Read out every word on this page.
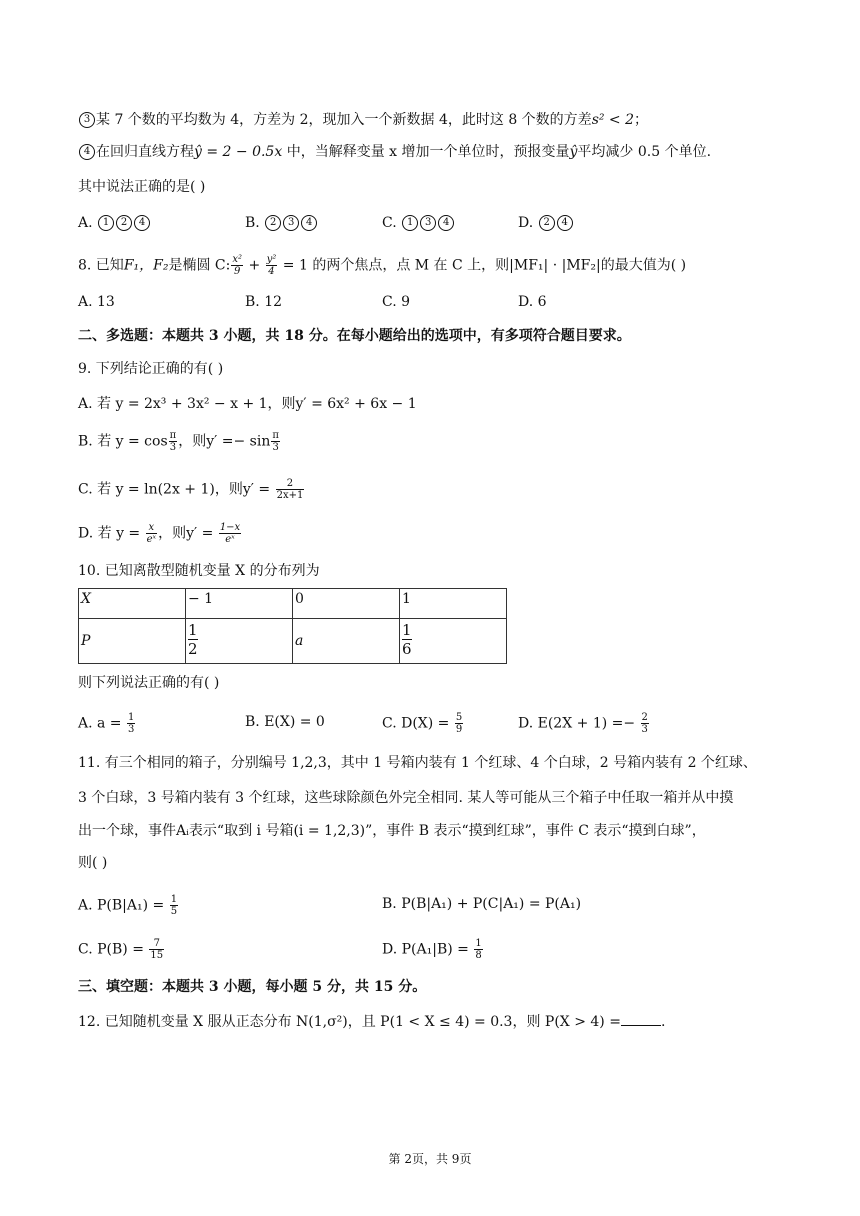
3 某 7 个数的平均数为 4，方差为 2，现加入一个新数据 4，此时这 8 个数的方差s² < 2；
4 在回归直线方程ŷ = 2 − 0.5x 中，当解释变量 x 增加一个单位时，预报变量ŷ平均减少 0.5 个单位.
其中说法正确的是( )
A. 1 2 4	B. 2 3 4	C. 1 3 4	D. 2 4
8. 已知F₁，F₂是椭圆 C: $\frac{\text{x²}}{9} + \frac{\text{y²}}{4} = 1$ 的两个焦点，点 M 在 C 上，则|MF₁| · |MF₂|的最大值为( )
A. 13	B. 12	C. 9	D. 6
二、多选题：本题共 3 小题，共 18 分。在每小题给出的选项中，有多项符合题目要求。
9. 下列结论正确的有( )
A. 若 y = 2x³ + 3x² − x + 1，则y′ = 6x² + 6x − 1
B. 若 $y = \cos \frac{\pi}{3}$ ，则$y' =- \sin \frac{\pi}{3}$
C. 若 y = ln(2x + 1)，则$y' = \frac{2}{2x+1}$
D. 若 $y = \frac{x}{\text{eˣ}}$ ，则$y' = \frac{1-x}{\text{eˣ}}$
10. 已知离散型随机变量 X 的分布列为
X	− 1	0	1
P	$\frac{1}{2}$	a	$\frac{1}{6}$
则下列说法正确的有( )
A. $a = \frac{1}{3}$	B. E(X) = 0	C. $D(X) = \frac{5}{9}$	D. $E(2X + 1) =- \frac{2}{3}$
11. 有三个相同的箱子，分别编号 1,2,3，其中 1 号箱内装有 1 个红球、4 个白球，2 号箱内装有 2 个红球、
3 个白球，3 号箱内装有 3 个红球，这些球除颜色外完全相同. 某人等可能从三个箱子中任取一箱并从中摸
出一个球，事件Aᵢ表示“取到 i 号箱(i = 1,2,3)”，事件 B 表示“摸到红球”，事件 C 表示“摸到白球”，
则( )
A. $P(B|A_1) = \frac{1}{5}$	B. P(B|A₁) + P(C|A₁) = P(A₁)
C. $P(B) = \frac{7}{15}$	D. $P(A_1|B) = \frac{1}{8}$
三、填空题：本题共 3 小题，每小题 5 分，共 15 分。
12. 已知随机变量 X 服从正态分布 N(1,σ²)，且 P(1 < X ≤ 4) = 0.3，则 P(X > 4) =	.
第 2页，共 9页
